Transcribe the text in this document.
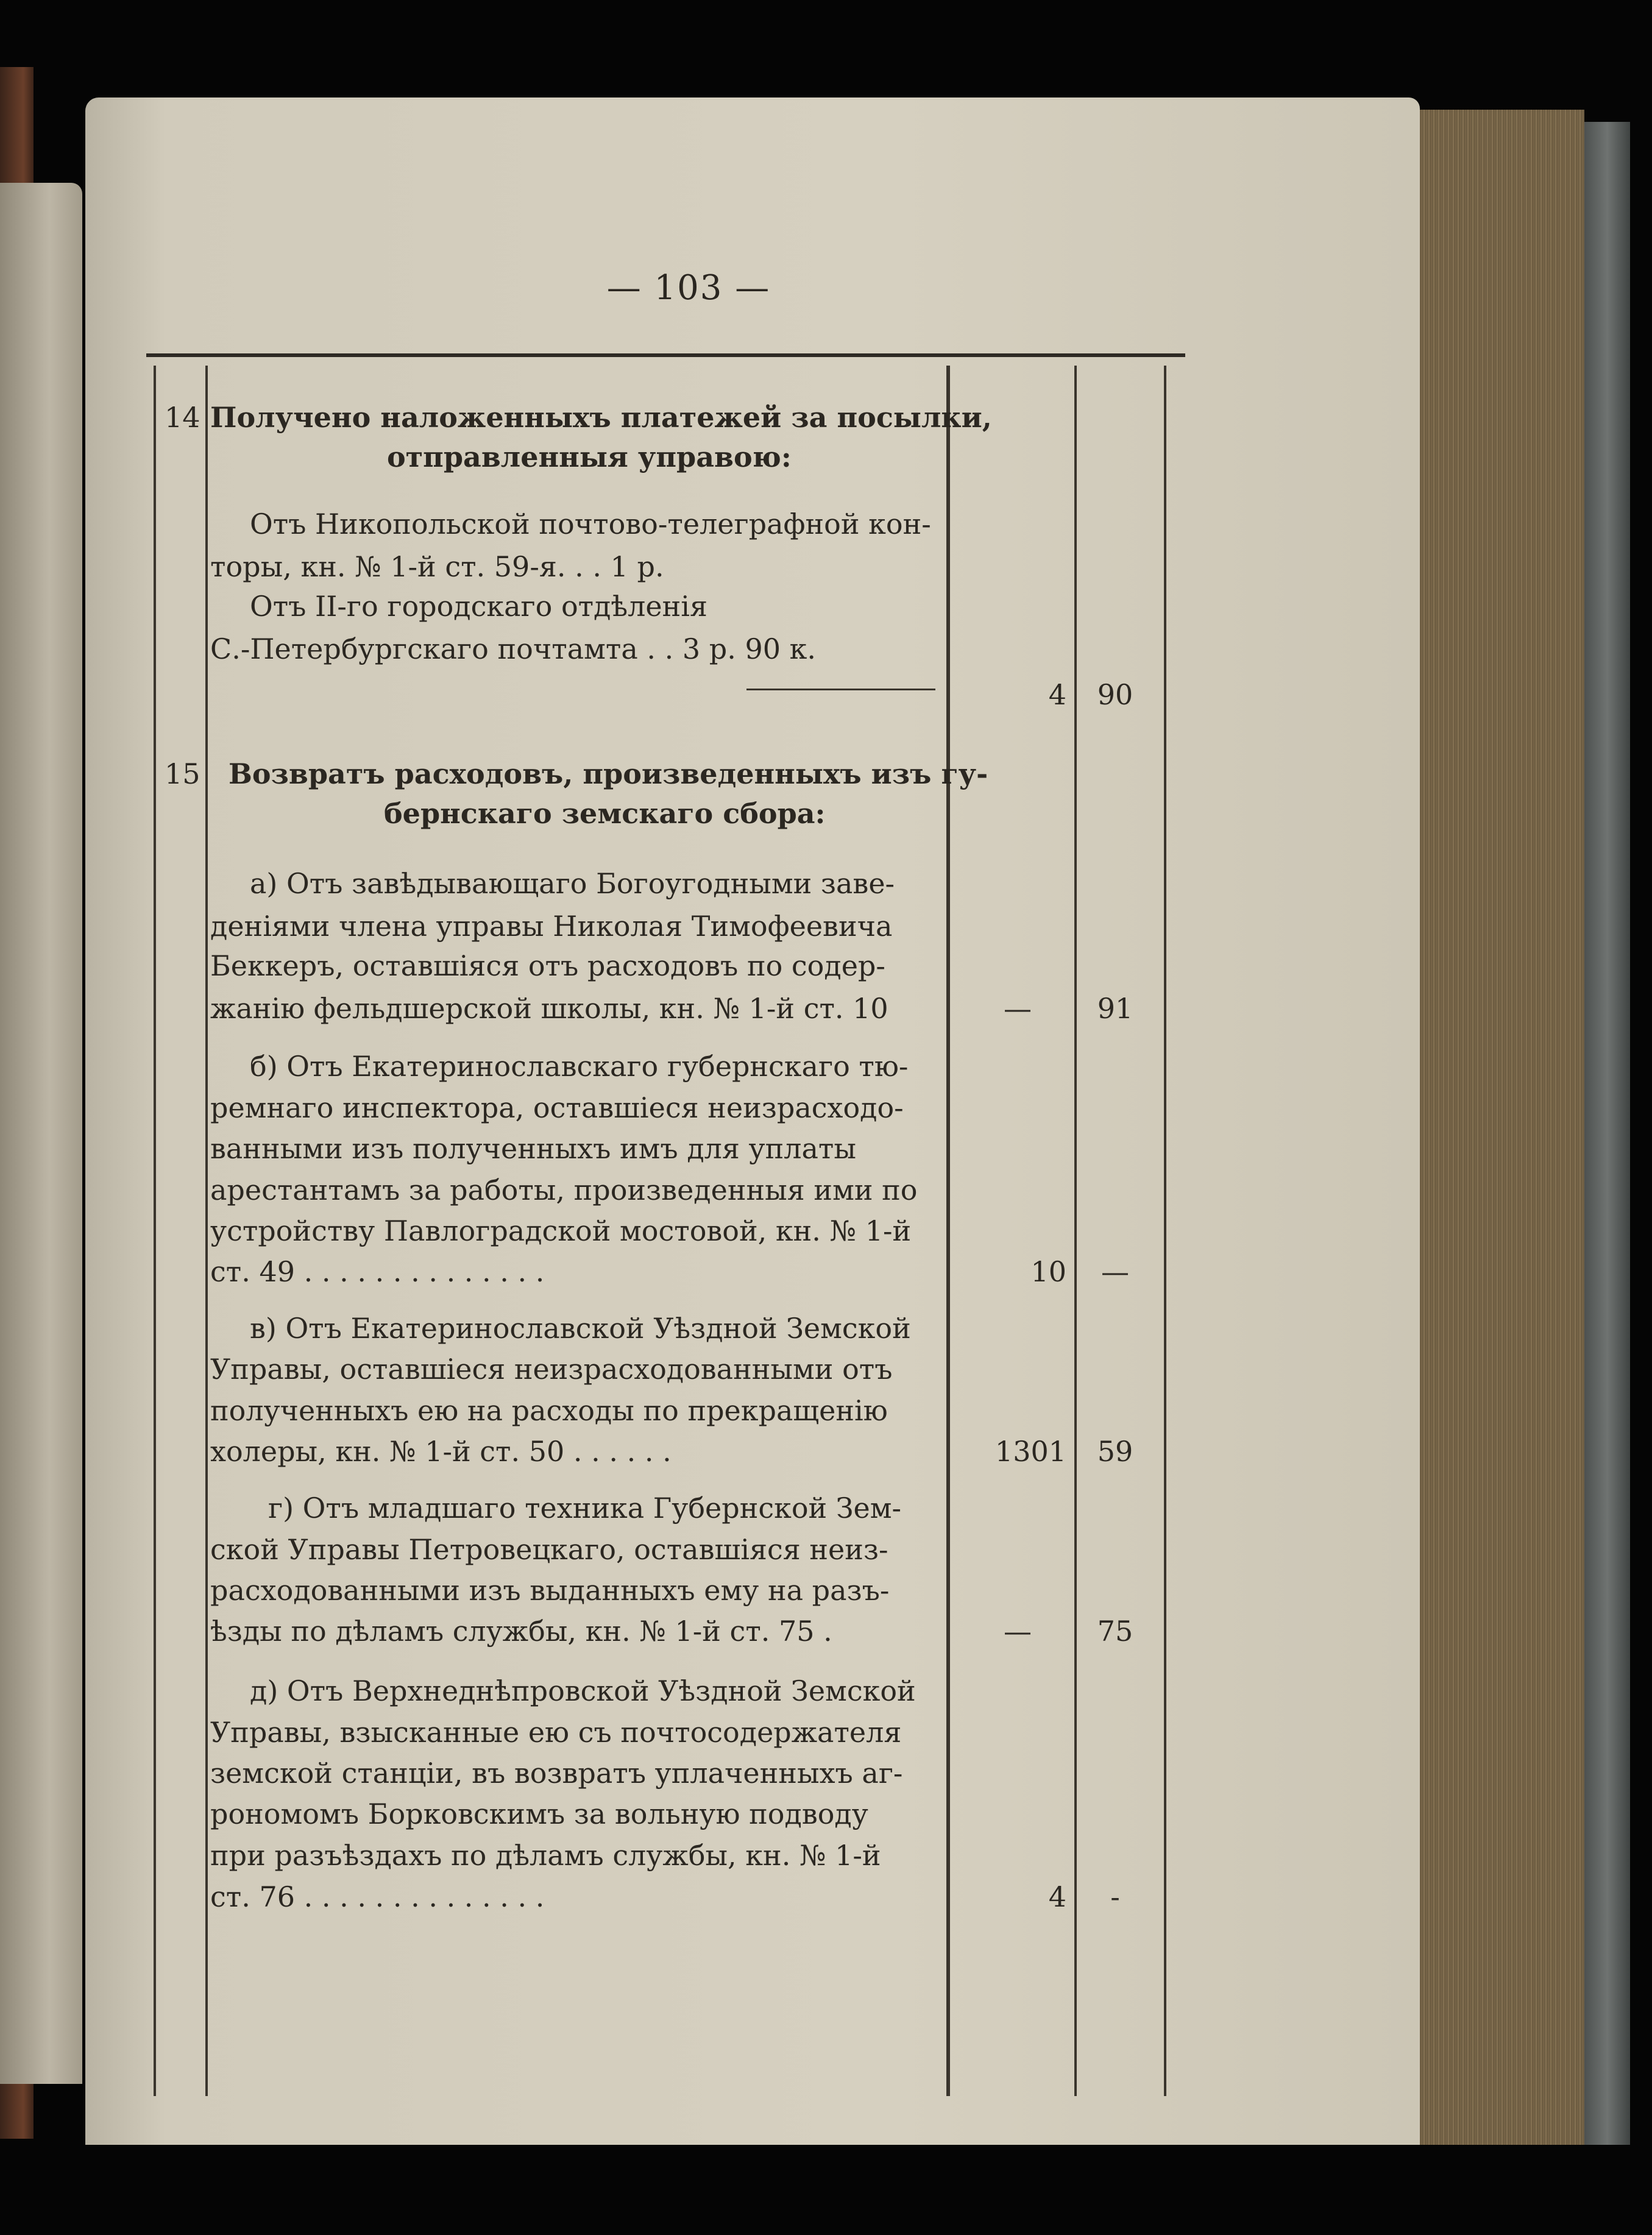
— 103 —
14 Получено наложенныхъ платежей за посылки,
отправленныя управою:
Отъ Никопольской почтово-телеграфной кон-
торы, кн. № 1-й ст. 59-я. . . 1 р.
Отъ II-го городскаго отдѣленія
С.-Петербургскаго почтамта . . 3 р. 90 к.
4	90
15 Возвратъ расходовъ, произведенныхъ изъ гу-
бернскаго земскаго сбора:
а) Отъ завѣдывающаго Богоугодными заве-
деніями члена управы Николая Тимофеевича
Беккеръ, оставшіяся отъ расходовъ по содер-
жанію фельдшерской школы, кн. № 1-й ст. 10	—	91
б) Отъ Екатеринославскаго губернскаго тю-
ремнаго инспектора, оставшіеся неизрасходо-
ванными изъ полученныхъ имъ для уплаты
арестантамъ за работы, произведенныя ими по
устройству Павлоградской мостовой, кн. № 1-й
ст. 49 . . . . . . . . . . . . . .	10	—
в) Отъ Екатеринославской Уѣздной Земской
Управы, оставшіеся неизрасходованными отъ
полученныхъ ею на расходы по прекращенію
холеры, кн. № 1-й ст. 50 . . . . . .	1301	59
г) Отъ младшаго техника Губернской Зем-
ской Управы Петровецкаго, оставшіяся неиз-
расходованными изъ выданныхъ ему на разъ-
ѣзды по дѣламъ службы, кн. № 1-й ст. 75 .	—	75
д) Отъ Верхнеднѣпровской Уѣздной Земской
Управы, взысканные ею съ почтосодержателя
земской станціи, въ возвратъ уплаченныхъ аг-
рономомъ Борковскимъ за вольную подводу
при разъѣздахъ по дѣламъ службы, кн. № 1-й
ст. 76 . . . . . . . . . . . . . .	4	-
